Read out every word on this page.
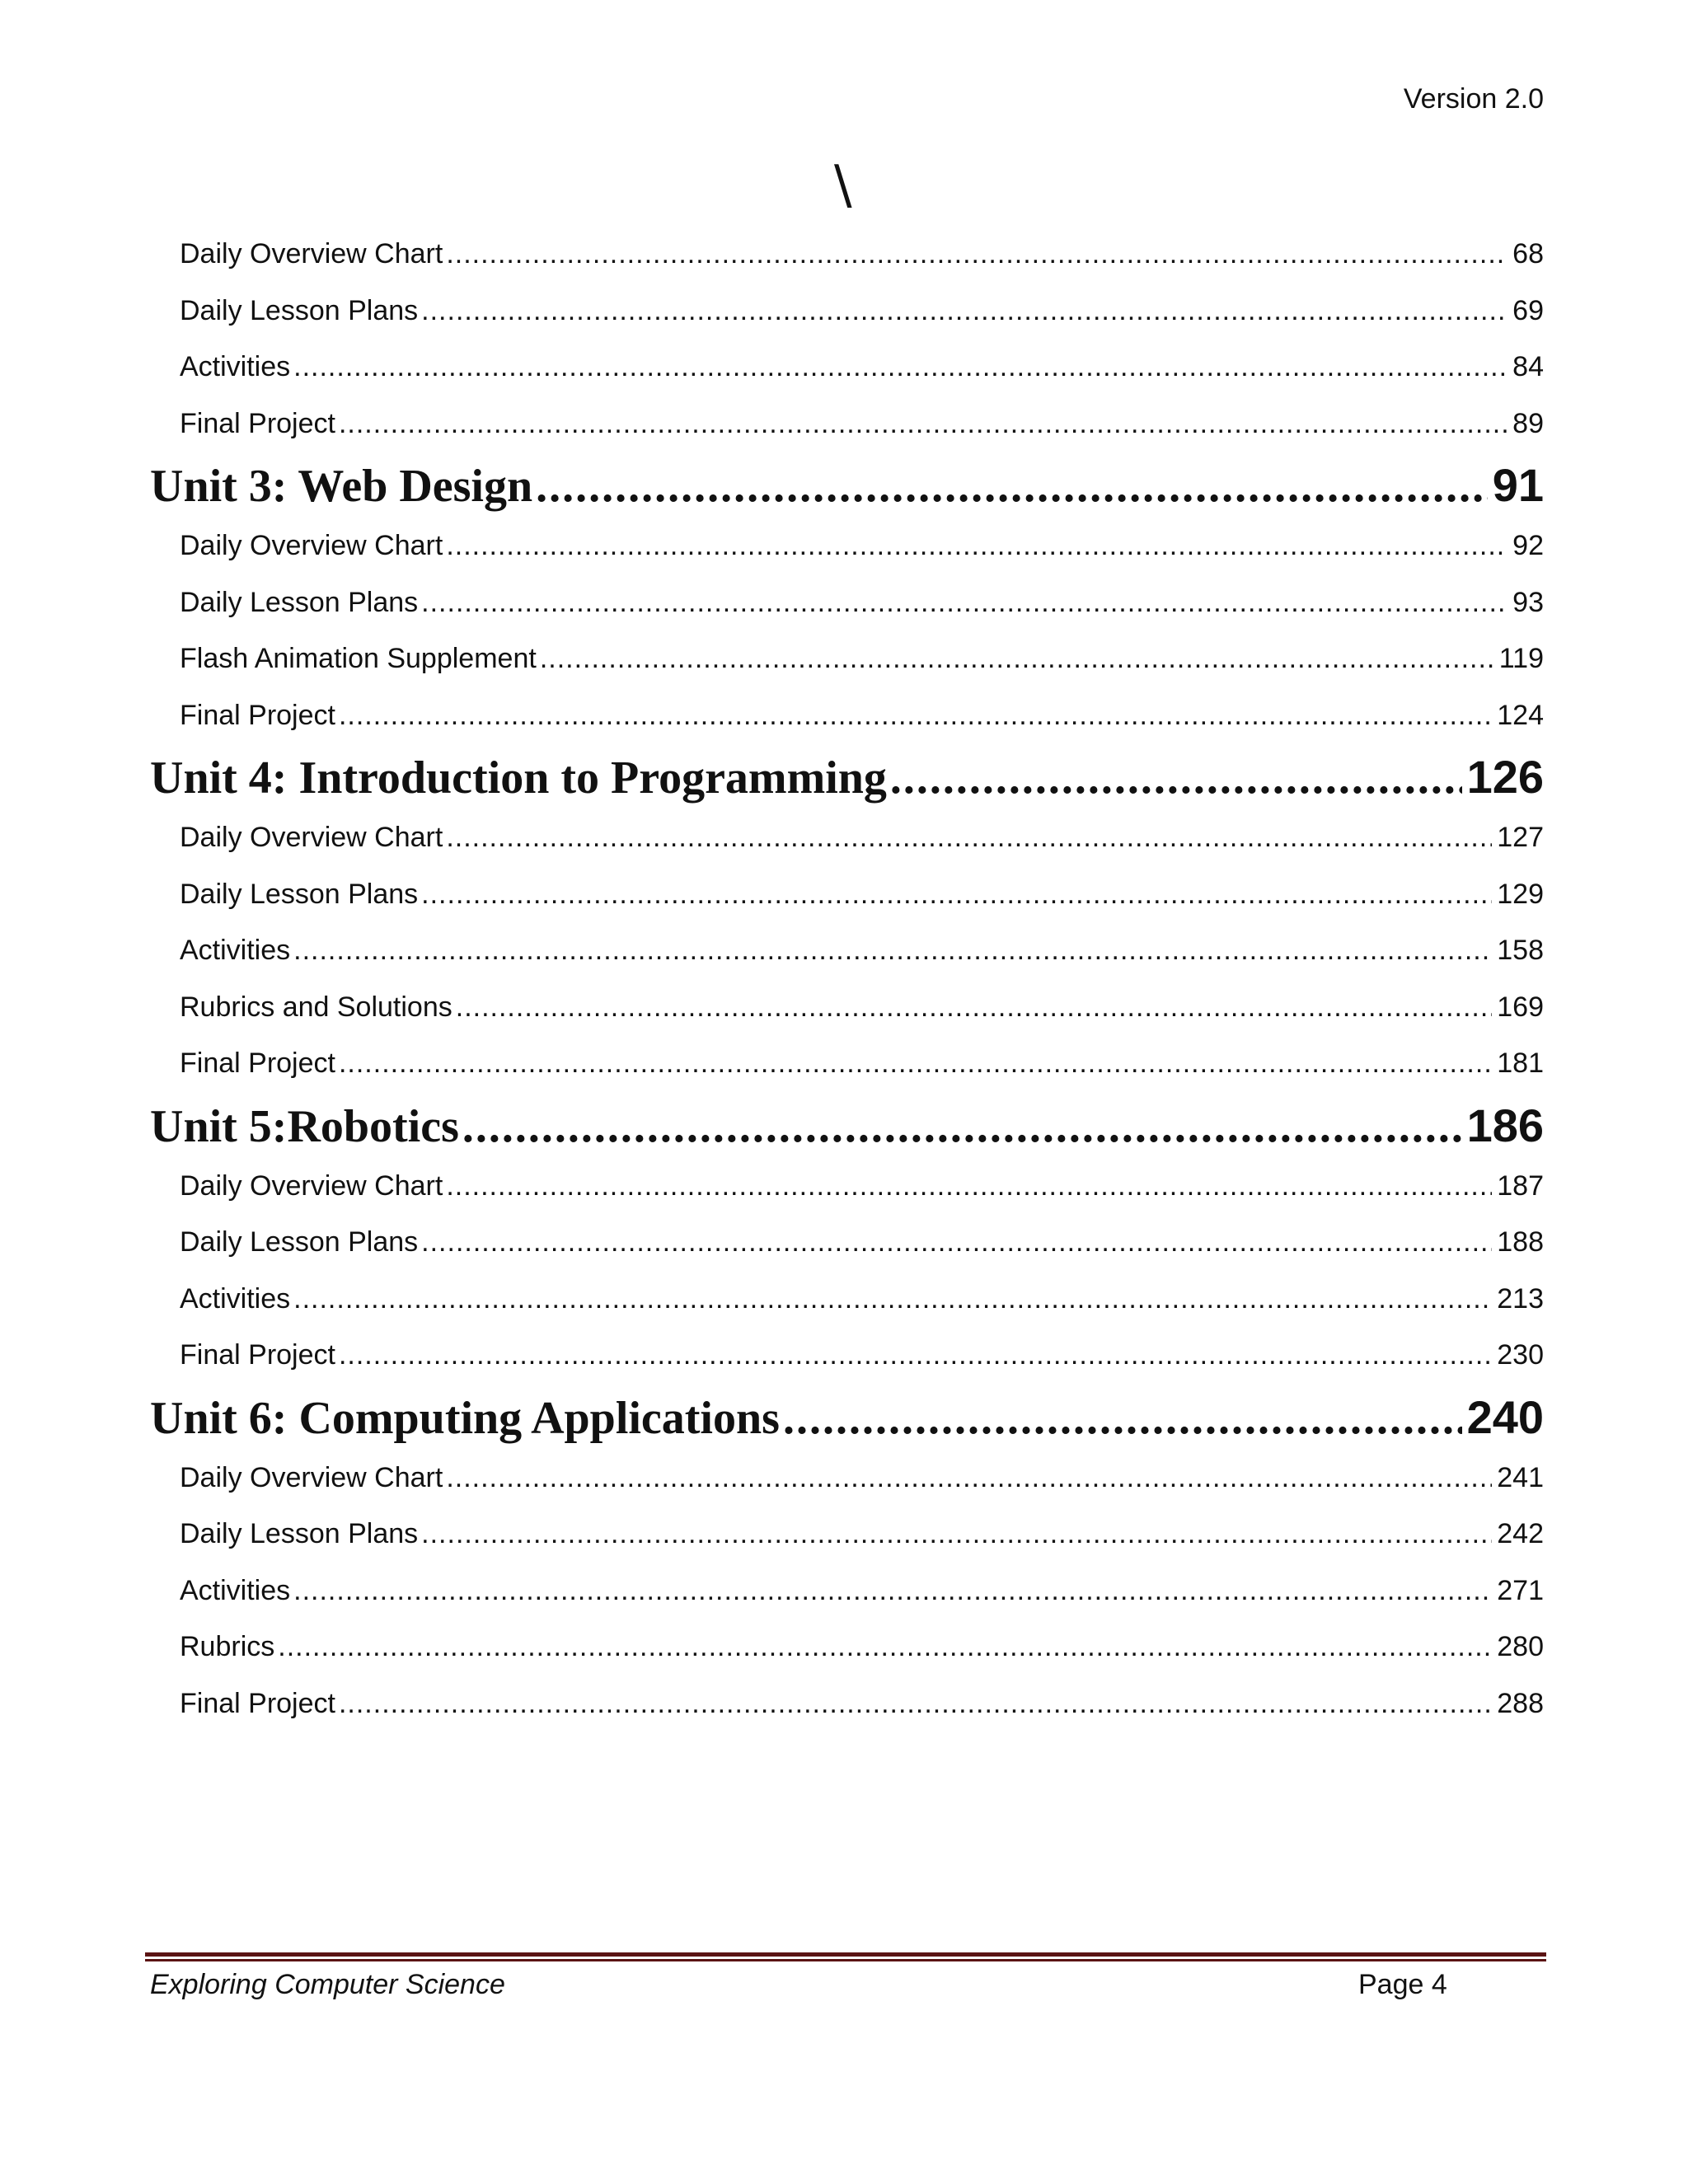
Version 2.0
\
Daily Overview Chart .....	68
Daily Lesson Plans .....	69
Activities .....	84
Final Project .....	89
Unit 3: Web Design .....	91
Daily Overview Chart .....	92
Daily Lesson Plans .....	93
Flash Animation Supplement .....	119
Final Project .....	124
Unit 4: Introduction to Programming .....	126
Daily Overview Chart .....	127
Daily Lesson Plans .....	129
Activities .....	158
Rubrics and Solutions .....	169
Final Project .....	181
Unit 5:Robotics .....	186
Daily Overview Chart .....	187
Daily Lesson Plans .....	188
Activities .....	213
Final Project .....	230
Unit 6: Computing Applications .....	240
Daily Overview Chart .....	241
Daily Lesson Plans .....	242
Activities .....	271
Rubrics .....	280
Final Project .....	288
Exploring Computer Science	Page 4
